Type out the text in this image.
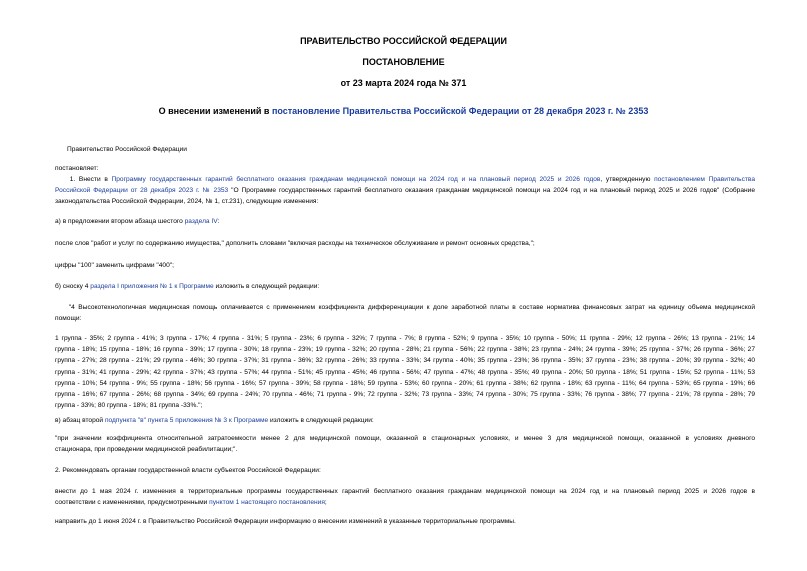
ПРАВИТЕЛЬСТВО РОССИЙСКОЙ ФЕДЕРАЦИИ
ПОСТАНОВЛЕНИЕ
от 23 марта 2024 года № 371
О внесении изменений в постановление Правительства Российской Федерации от 28 декабря 2023 г. № 2353
Правительство Российской Федерации
постановляет:
1. Внести в Программу государственных гарантий бесплатного оказания гражданам медицинской помощи на 2024 год и на плановый период 2025 и 2026 годов, утвержденную постановлением Правительства
Российской Федерации от 28 декабря 2023 г. № 2353 "О Программе государственных гарантий бесплатного оказания гражданам медицинской помощи на 2024 год и на плановый период 2025 и 2026 годов" (Собрание
законодательства Российской Федерации, 2024, № 1, ст.231), следующие изменения:
а) в предложении втором абзаца шестого раздела IV:
после слов "работ и услуг по содержанию имущества," дополнить словами "включая расходы на техническое обслуживание и ремонт основных средства,";
цифры "100" заменить цифрами "400";
б) сноску 4 раздела I приложения № 1 к Программе изложить в следующей редакции:
"4 Высокотехнологичная медицинская помощь оплачивается с применением коэффициента дифференциации к доле заработной платы в составе норматива финансовых затрат на единицу объема медицинской
помощи:
1 группа - 35%; 2 группа - 41%; 3 группа - 17%; 4 группа - 31%; 5 группа - 23%; 6 группа - 32%; 7 группа - 7%; 8 группа - 52%; 9 группа - 35%; 10 группа - 50%; 11 группа - 29%; 12 группа - 26%; 13 группа - 21%; 14
группа - 18%; 15 группа - 18%; 16 группа - 39%; 17 группа - 30%; 18 группа - 23%; 19 группа - 32%; 20 группа - 28%; 21 группа - 56%; 22 группа - 38%; 23 группа - 24%; 24 группа - 39%; 25 группа - 37%; 26 группа - 36%; 27
группа - 27%; 28 группа - 21%; 29 группа - 46%; 30 группа - 37%; 31 группа - 36%; 32 группа - 26%; 33 группа - 33%; 34 группа - 40%; 35 группа - 23%; 36 группа - 35%; 37 группа - 23%; 38 группа - 20%; 39 группа - 32%; 40
группа - 31%; 41 группа - 29%; 42 группа - 37%; 43 группа - 57%; 44 группа - 51%; 45 группа - 45%; 46 группа - 56%; 47 группа - 47%; 48 группа - 35%; 49 группа - 20%; 50 группа - 18%; 51 группа - 15%; 52 группа - 11%; 53
группа - 10%; 54 группа - 9%; 55 группа - 18%; 56 группа - 16%; 57 группа - 39%; 58 группа - 18%; 59 группа - 53%; 60 группа - 20%; 61 группа - 38%; 62 группа - 18%; 63 группа - 11%; 64 группа - 53%; 65 группа - 19%; 66
группа - 16%; 67 группа - 26%; 68 группа - 34%; 69 группа - 24%; 70 группа - 46%; 71 группа - 9%; 72 группа - 32%; 73 группа - 33%; 74 группа - 30%; 75 группа - 33%; 76 группа - 38%; 77 группа - 21%; 78 группа - 28%; 79
группа - 33%; 80 группа - 18%; 81 группа -33%.";
в) абзац второй подпункта "в" пункта 5 приложения № 3 к Программе изложить в следующей редакции:
"при значении коэффициента относительной затратоемкости менее 2 для медицинской помощи, оказанной в стационарных условиях, и менее 3 для медицинской помощи, оказанной в условиях дневного
стационара, при проведении медицинской реабилитации;".
2. Рекомендовать органам государственной власти субъектов Российской Федерации:
внести до 1 мая 2024 г. изменения в территориальные программы государственных гарантий бесплатного оказания гражданам медицинской помощи на 2024 год и на плановый период 2025 и 2026 годов в
соответствии с изменениями, предусмотренными пунктом 1 настоящего постановления;
направить до 1 июня 2024 г. в Правительство Российской Федерации информацию о внесении изменений в указанные территориальные программы.
